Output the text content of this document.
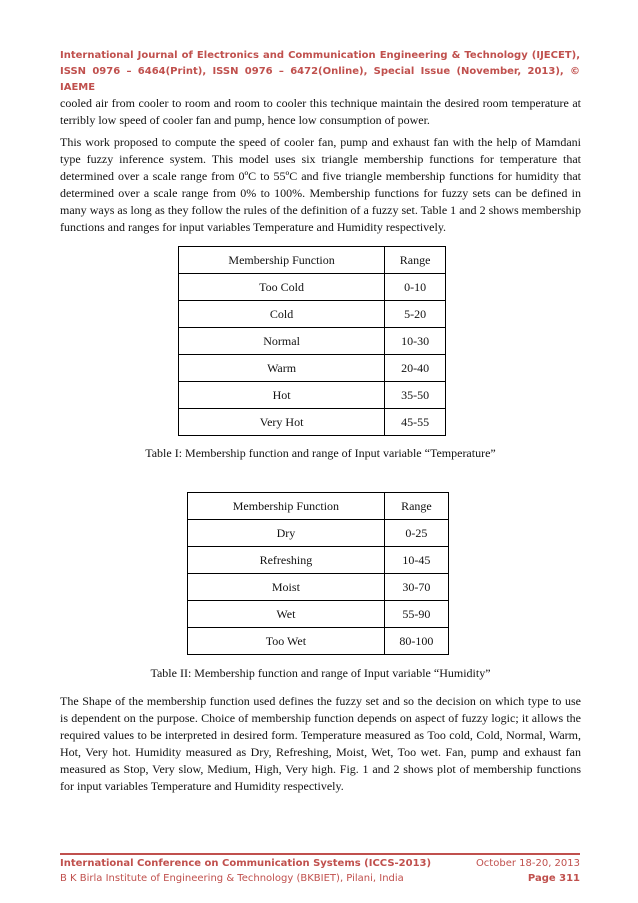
International Journal of Electronics and Communication Engineering & Technology (IJECET),
ISSN 0976 – 6464(Print), ISSN 0976 – 6472(Online), Special Issue (November, 2013), © IAEME
cooled air from cooler to room and room to cooler this technique maintain the desired room temperature at terribly low speed of cooler fan and pump, hence low consumption of power.
This work proposed to compute the speed of cooler fan, pump and exhaust fan with the help of Mamdani type fuzzy inference system. This model uses six triangle membership functions for temperature that determined over a scale range from 0ºC to 55ºC and five triangle membership functions for humidity that determined over a scale range from 0% to 100%. Membership functions for fuzzy sets can be defined in many ways as long as they follow the rules of the definition of a fuzzy set. Table 1 and 2 shows membership functions and ranges for input variables Temperature and Humidity respectively.
Membership Function	Range
Too Cold	0-10
Cold	5-20
Normal	10-30
Warm	20-40
Hot	35-50
Very Hot	45-55
Table I: Membership function and range of Input variable “Temperature”
Membership Function	Range
Dry	0-25
Refreshing	10-45
Moist	30-70
Wet	55-90
Too Wet	80-100
Table II: Membership function and range of Input variable “Humidity”
The Shape of the membership function used defines the fuzzy set and so the decision on which type to use is dependent on the purpose. Choice of membership function depends on aspect of fuzzy logic; it allows the required values to be interpreted in desired form. Temperature measured as Too cold, Cold, Normal, Warm, Hot, Very hot. Humidity measured as Dry, Refreshing, Moist, Wet, Too wet. Fan, pump and exhaust fan measured as Stop, Very slow, Medium, High, Very high. Fig. 1 and 2 shows plot of membership functions for input variables Temperature and Humidity respectively.
International Conference on Communication Systems (ICCS-2013)	October 18-20, 2013
B K Birla Institute of Engineering & Technology (BKBIET), Pilani, India	Page 311
